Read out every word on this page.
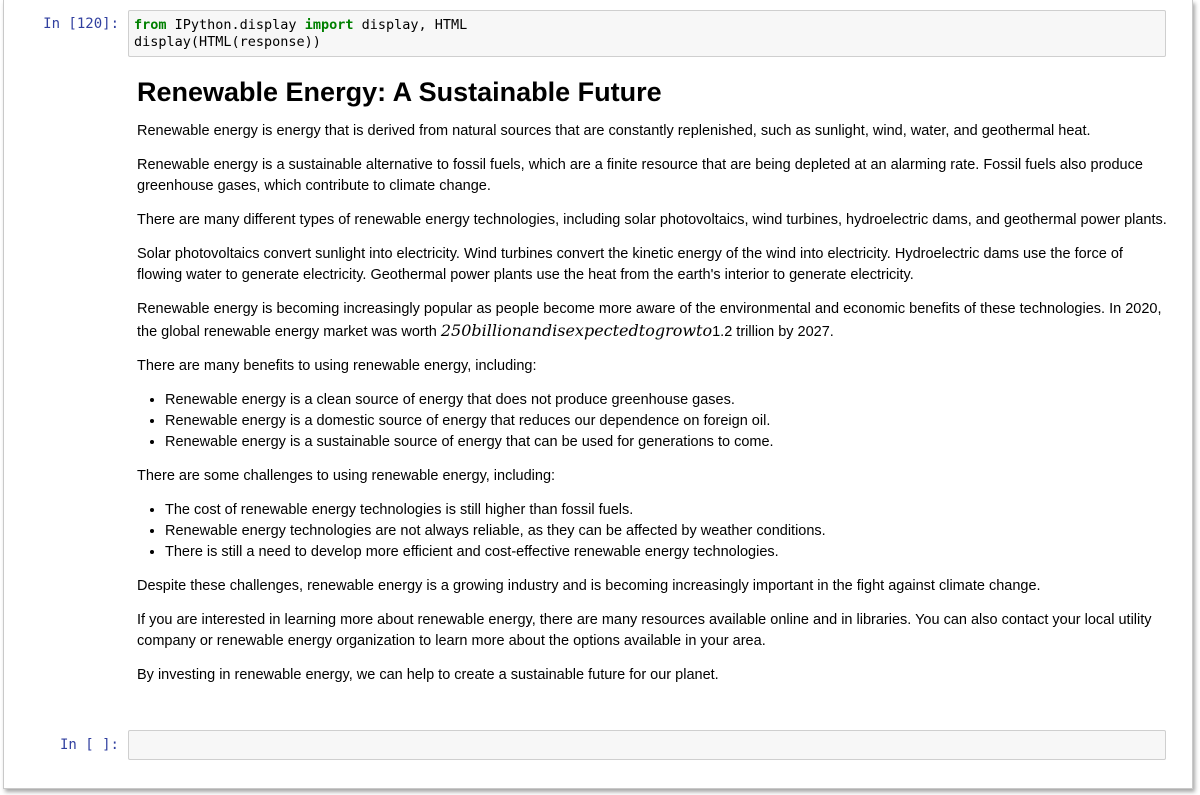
In [120]:	from IPython.display import display, HTML
display(HTML(response))
Renewable Energy: A Sustainable Future

Renewable energy is energy that is derived from natural sources that are constantly replenished, such as sunlight, wind, water, and geothermal heat.

Renewable energy is a sustainable alternative to fossil fuels, which are a finite resource that are being depleted at an alarming rate. Fossil fuels also produce greenhouse gases, which contribute to climate change.

There are many different types of renewable energy technologies, including solar photovoltaics, wind turbines, hydroelectric dams, and geothermal power plants.

Solar photovoltaics convert sunlight into electricity. Wind turbines convert the kinetic energy of the wind into electricity. Hydroelectric dams use the force of flowing water to generate electricity. Geothermal power plants use the heat from the earth's interior to generate electricity.

Renewable energy is becoming increasingly popular as people become more aware of the environmental and economic benefits of these technologies. In 2020, the global renewable energy market was worth 250billionandisexpectedtogrowto1.2 trillion by 2027.

There are many benefits to using renewable energy, including:

• Renewable energy is a clean source of energy that does not produce greenhouse gases.
• Renewable energy is a domestic source of energy that reduces our dependence on foreign oil.
• Renewable energy is a sustainable source of energy that can be used for generations to come.

There are some challenges to using renewable energy, including:

• The cost of renewable energy technologies is still higher than fossil fuels.
• Renewable energy technologies are not always reliable, as they can be affected by weather conditions.
• There is still a need to develop more efficient and cost-effective renewable energy technologies.

Despite these challenges, renewable energy is a growing industry and is becoming increasingly important in the fight against climate change.

If you are interested in learning more about renewable energy, there are many resources available online and in libraries. You can also contact your local utility company or renewable energy organization to learn more about the options available in your area.

By investing in renewable energy, we can help to create a sustainable future for our planet.

In [ ]:
